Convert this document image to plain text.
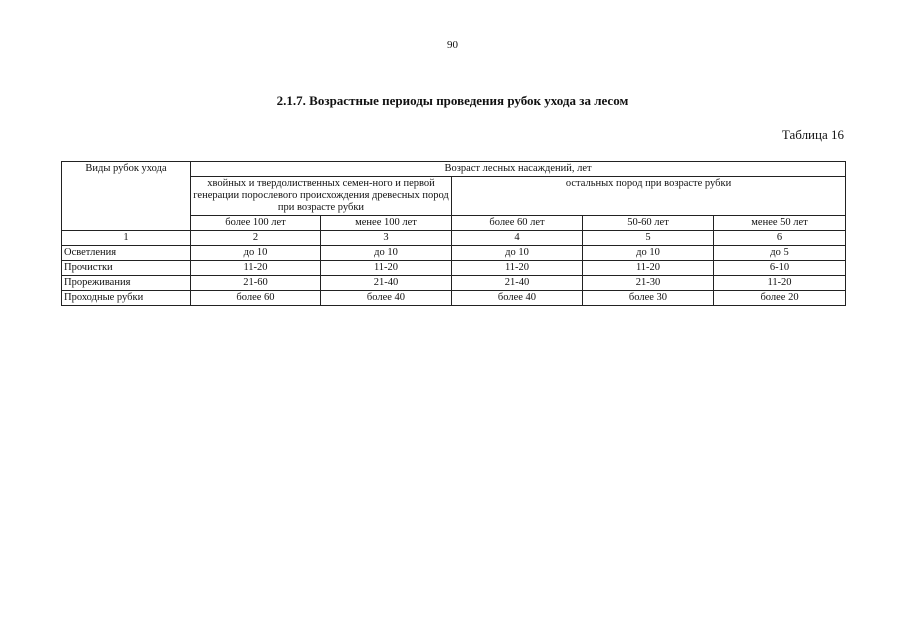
90
2.1.7. Возрастные периоды проведения рубок ухода за лесом
Таблица 16
Виды рубок ухода	Возраст лесных насаждений, лет				
	хвойных и твердолиственных семен-ного и первой генерации порослевого происхождения древесных пород при возрасте рубки		остальных пород при возрасте рубки		
	более 100 лет	менее 100 лет	более 60 лет	50-60 лет	менее 50 лет
1	2	3	4	5	6
Осветления	до 10	до 10	до 10	до 10	до 5
Прочистки	11-20	11-20	11-20	11-20	6-10
Прореживания	21-60	21-40	21-40	21-30	11-20
Проходные рубки	более 60	более 40	более 40	более 30	более 20
